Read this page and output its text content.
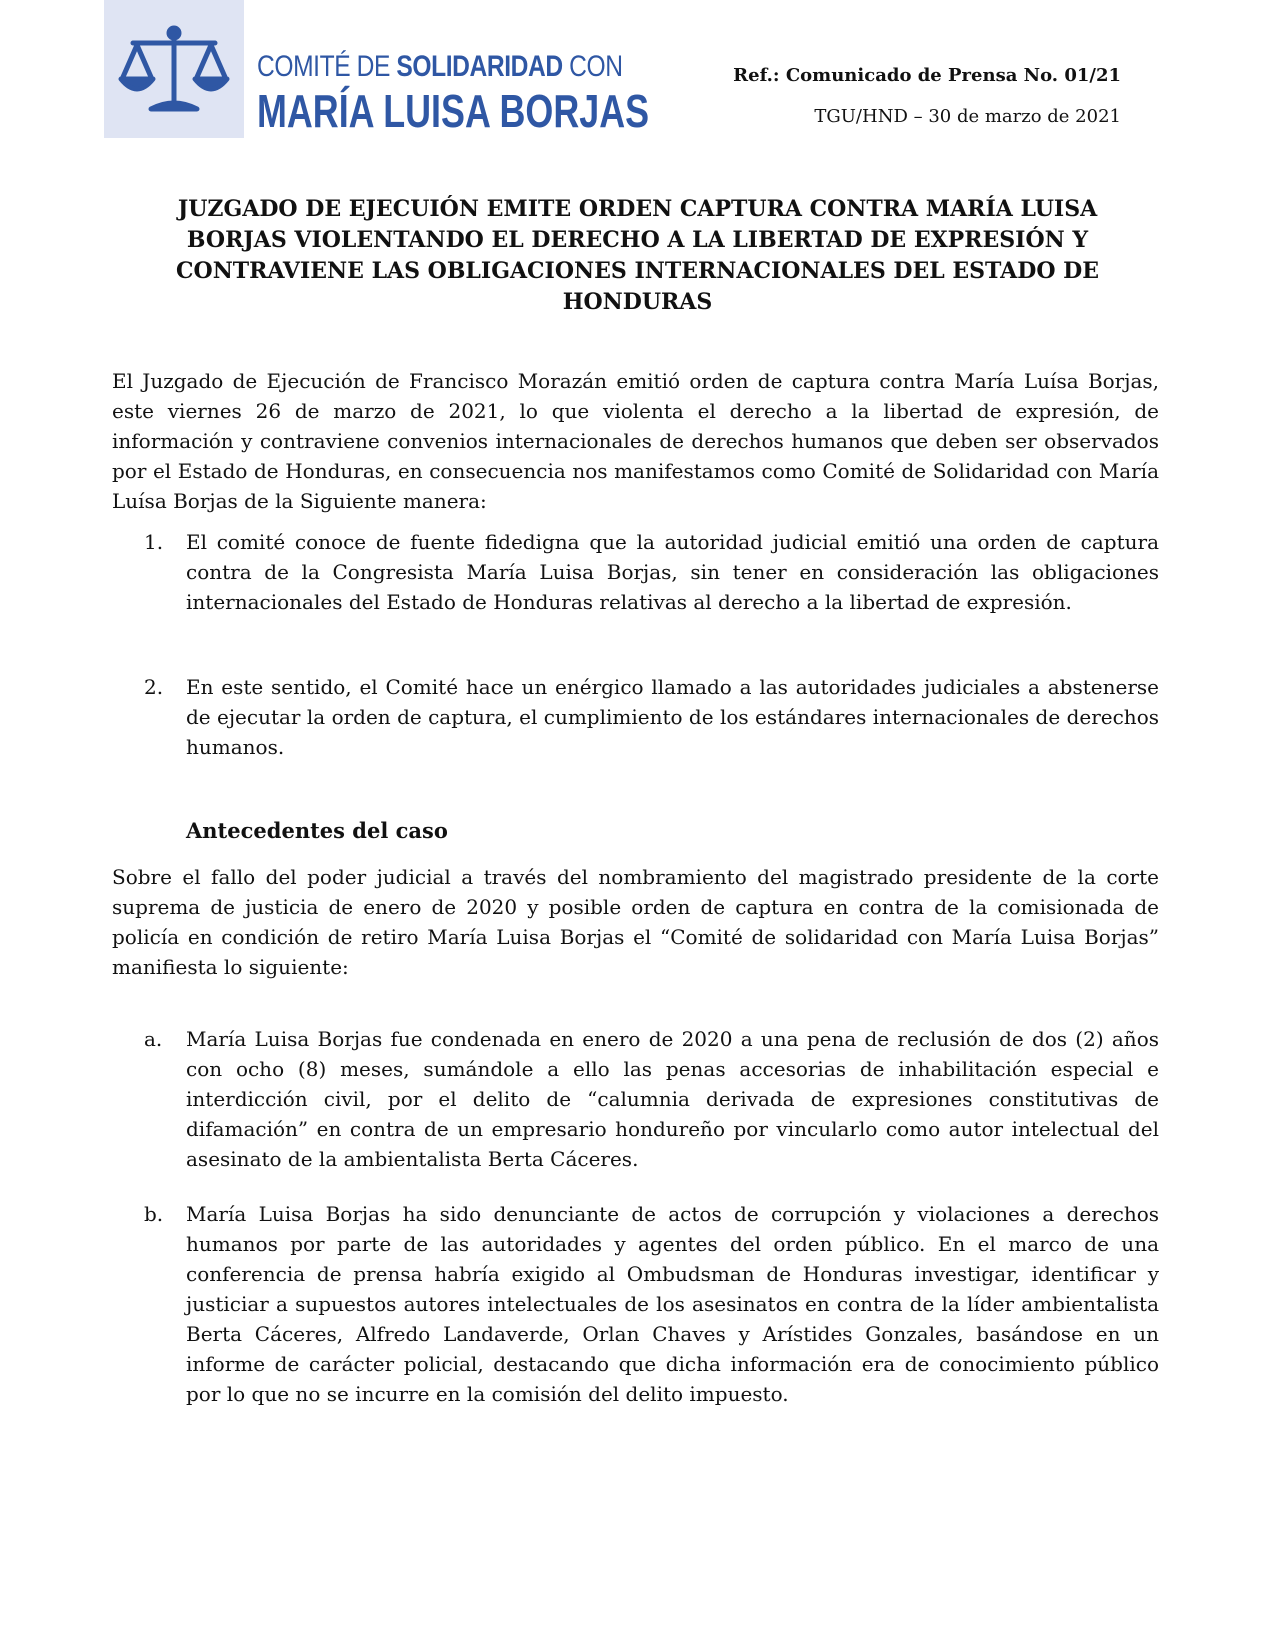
COMITÉ DE SOLIDARIDAD CON
MARÍA LUISA BORJAS
Ref.: Comunicado de Prensa No. 01/21
TGU/HND – 30 de marzo de 2021
JUZGADO DE EJECUIÓN EMITE ORDEN CAPTURA CONTRA MARÍA LUISA BORJAS VIOLENTANDO EL DERECHO A LA LIBERTAD DE EXPRESIÓN Y CONTRAVIENE LAS OBLIGACIONES INTERNACIONALES DEL ESTADO DE HONDURAS

El Juzgado de Ejecución de Francisco Morazán emitió orden de captura contra María Luísa Borjas, este viernes 26 de marzo de 2021, lo que violenta el derecho a la libertad de expresión, de información y contraviene convenios internacionales de derechos humanos que deben ser observados por el Estado de Honduras, en consecuencia nos manifestamos como Comité de Solidaridad con María Luísa Borjas de la Siguiente manera:

1.	El comité conoce de fuente fidedigna que la autoridad judicial emitió una orden de captura contra de la Congresista María Luisa Borjas, sin tener en consideración las obligaciones internacionales del Estado de Honduras relativas al derecho a la libertad de expresión.
2.	En este sentido, el Comité hace un enérgico llamado a las autoridades judiciales a abstenerse de ejecutar la orden de captura, el cumplimiento de los estándares internacionales de derechos humanos.
Antecedentes del caso

Sobre el fallo del poder judicial a través del nombramiento del magistrado presidente de la corte suprema de justicia de enero de 2020 y posible orden de captura en contra de la comisionada de policía en condición de retiro María Luisa Borjas el “Comité de solidaridad con María Luisa Borjas” manifiesta lo siguiente:

a.	María Luisa Borjas fue condenada en enero de 2020 a una pena de reclusión de dos (2) años con ocho (8) meses, sumándole a ello las penas accesorias de inhabilitación especial e interdicción civil, por el delito de “calumnia derivada de expresiones constitutivas de difamación” en contra de un empresario hondureño por vincularlo como autor intelectual del asesinato de la ambientalista Berta Cáceres.
b.	María Luisa Borjas ha sido denunciante de actos de corrupción y violaciones a derechos humanos por parte de las autoridades y agentes del orden público. En el marco de una conferencia de prensa habría exigido al Ombudsman de Honduras investigar, identificar y justiciar a supuestos autores intelectuales de los asesinatos en contra de la líder ambientalista Berta Cáceres, Alfredo Landaverde, Orlan Chaves y Arístides Gonzales, basándose en un informe de carácter policial, destacando que dicha información era de conocimiento público por lo que no se incurre en la comisión del delito impuesto.
